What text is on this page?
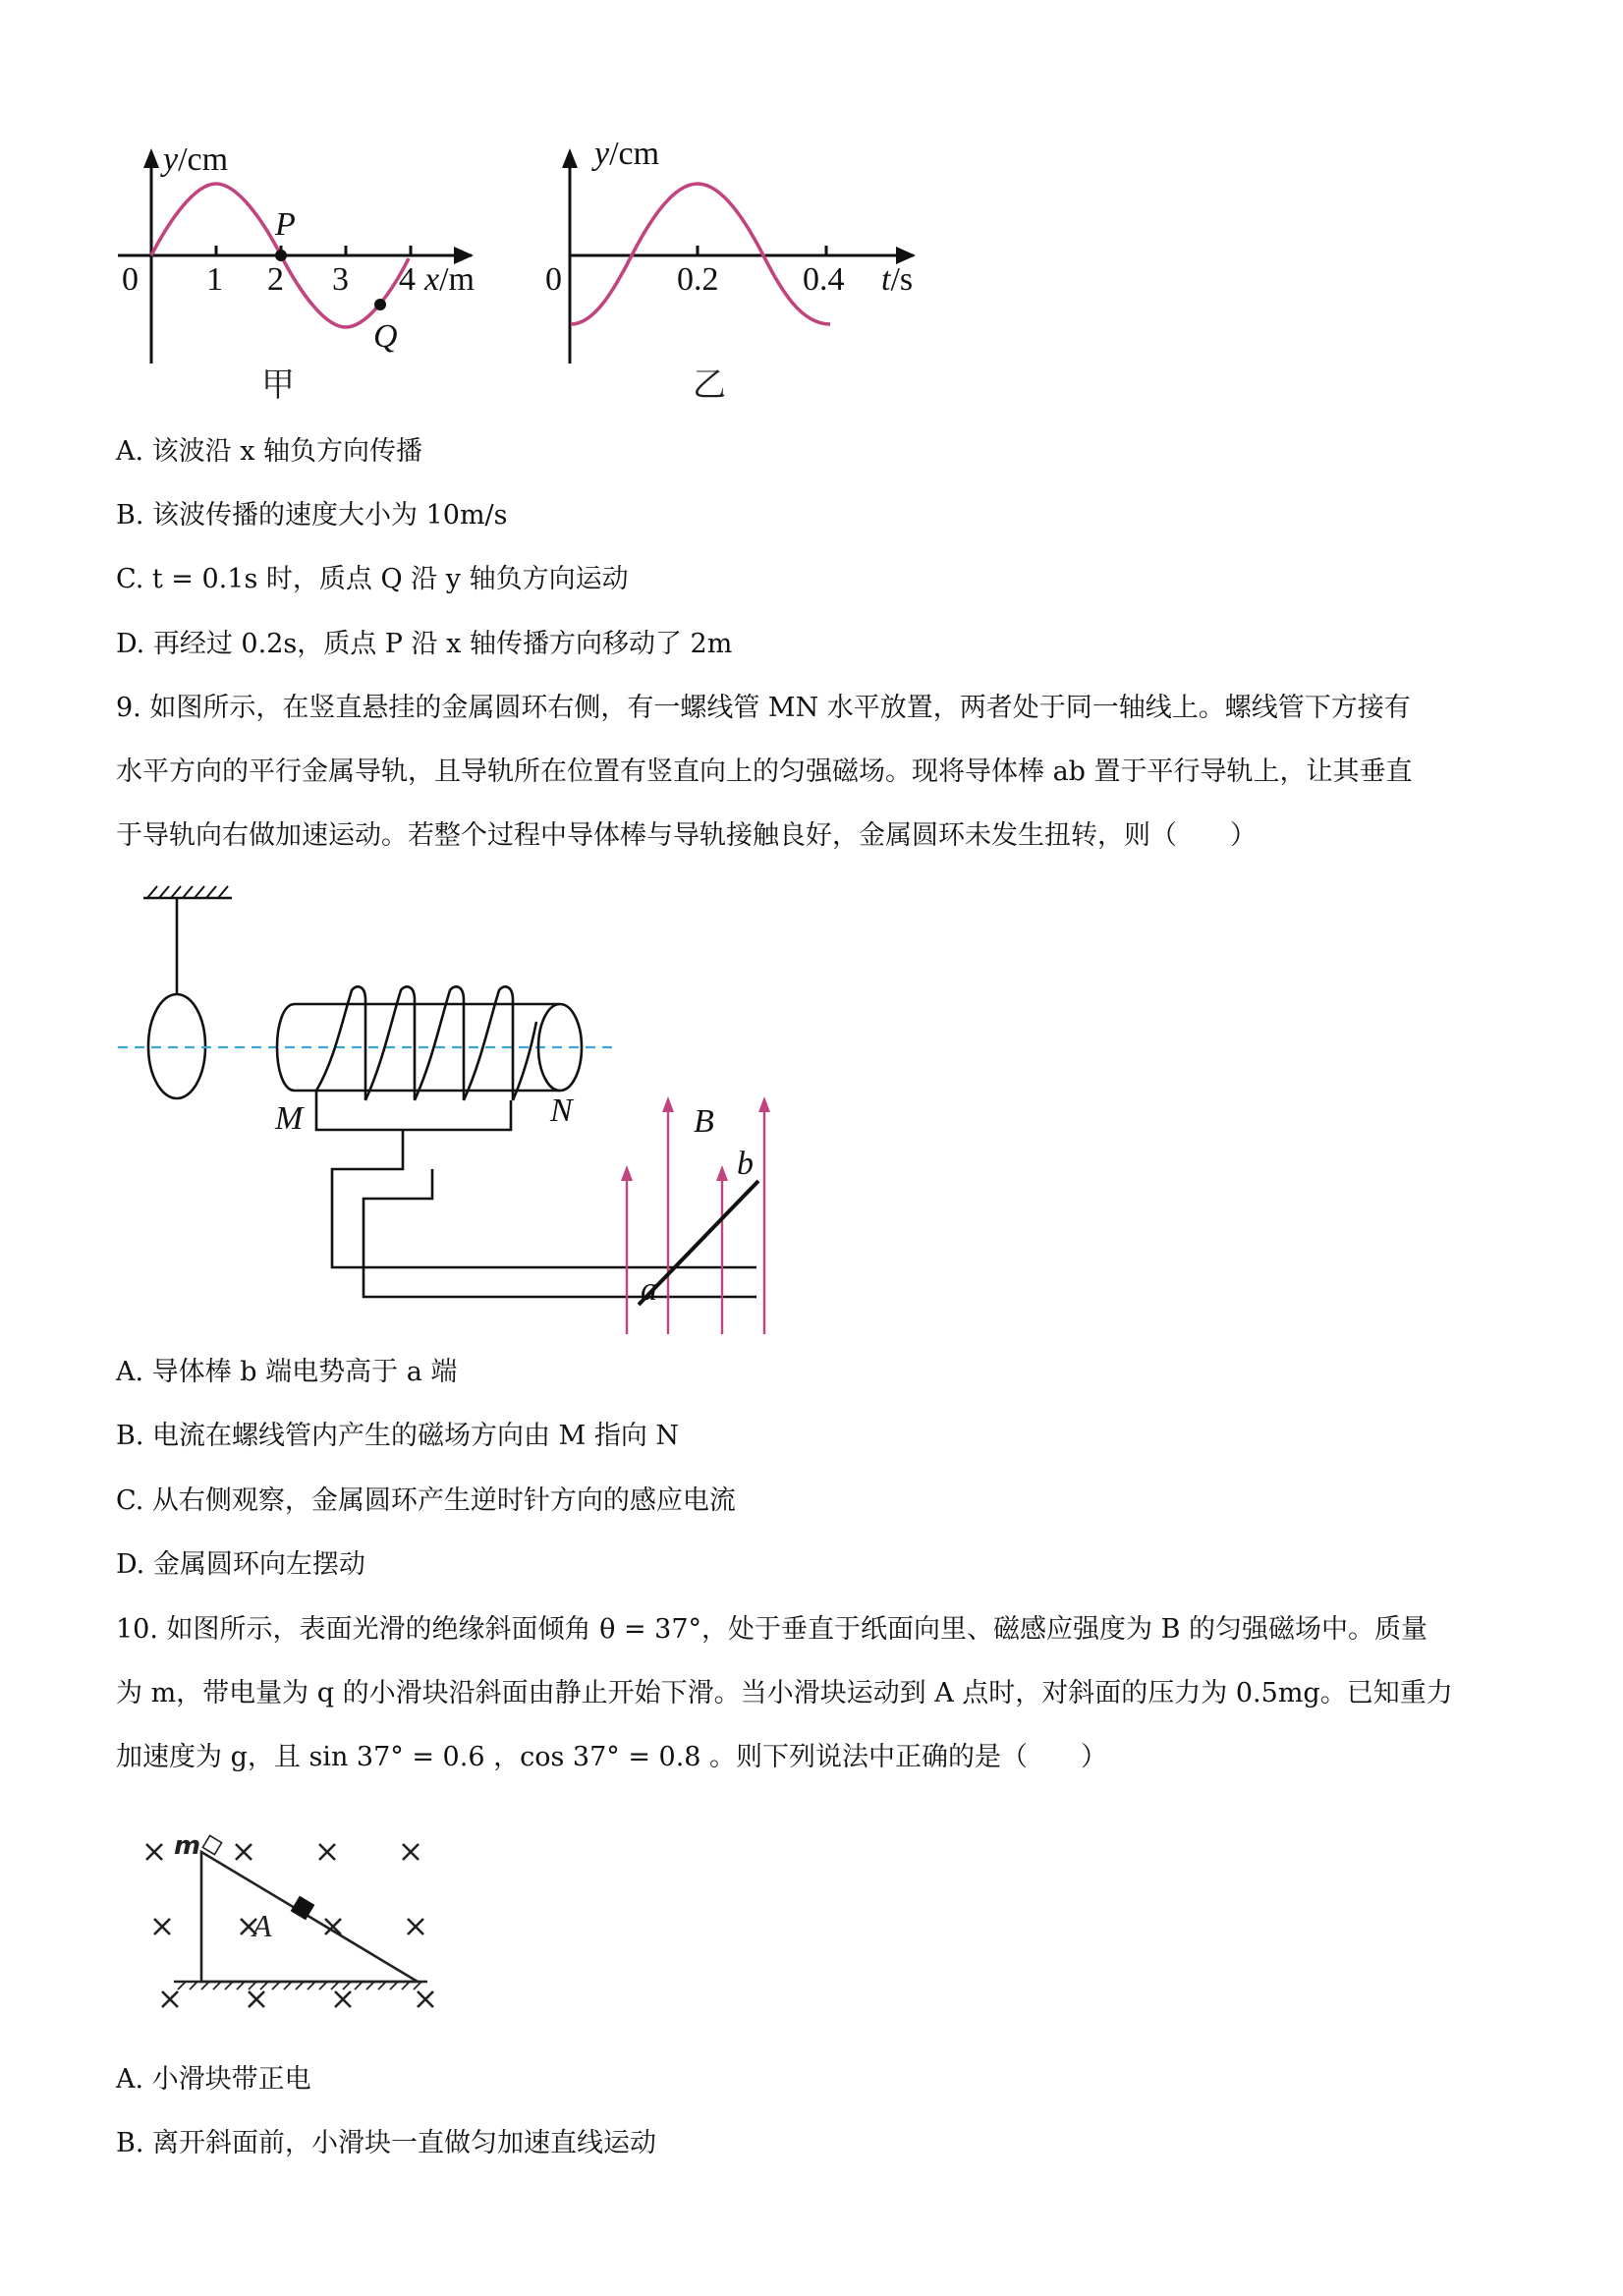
y/cm
0 1 2 3 4 x/m
P
Q
甲
y/cm
0	0.2	0.4 t/s
乙
A. 该波沿 x 轴负方向传播
B. 该波传播的速度大小为 10m/s
C. t = 0.1s 时，质点 Q 沿 y 轴负方向运动
D. 再经过 0.2s，质点 P 沿 x 轴传播方向移动了 2m
9. 如图所示，在竖直悬挂的金属圆环右侧，有一螺线管 MN 水平放置，两者处于同一轴线上。螺线管下方接有
水平方向的平行金属导轨，且导轨所在位置有竖直向上的匀强磁场。现将导体棒 ab 置于平行导轨上，让其垂直
于导轨向右做加速运动。若整个过程中导体棒与导轨接触良好，金属圆环未发生扭转，则（　　）
M	N	B
b
a
A. 导体棒 b 端电势高于 a 端
B. 电流在螺线管内产生的磁场方向由 M 指向 N
C. 从右侧观察，金属圆环产生逆时针方向的感应电流
D. 金属圆环向左摆动
10. 如图所示，表面光滑的绝缘斜面倾角 θ = 37°，处于垂直于纸面向里、磁感应强度为 B 的匀强磁场中。质量
为 m，带电量为 q 的小滑块沿斜面由静止开始下滑。当小滑块运动到 A 点时，对斜面的压力为 0.5mg。已知重力
加速度为 g，且 sin 37° = 0.6 ，cos 37° = 0.8 。则下列说法中正确的是（　　）
m
A
A. 小滑块带正电
B. 离开斜面前，小滑块一直做匀加速直线运动
